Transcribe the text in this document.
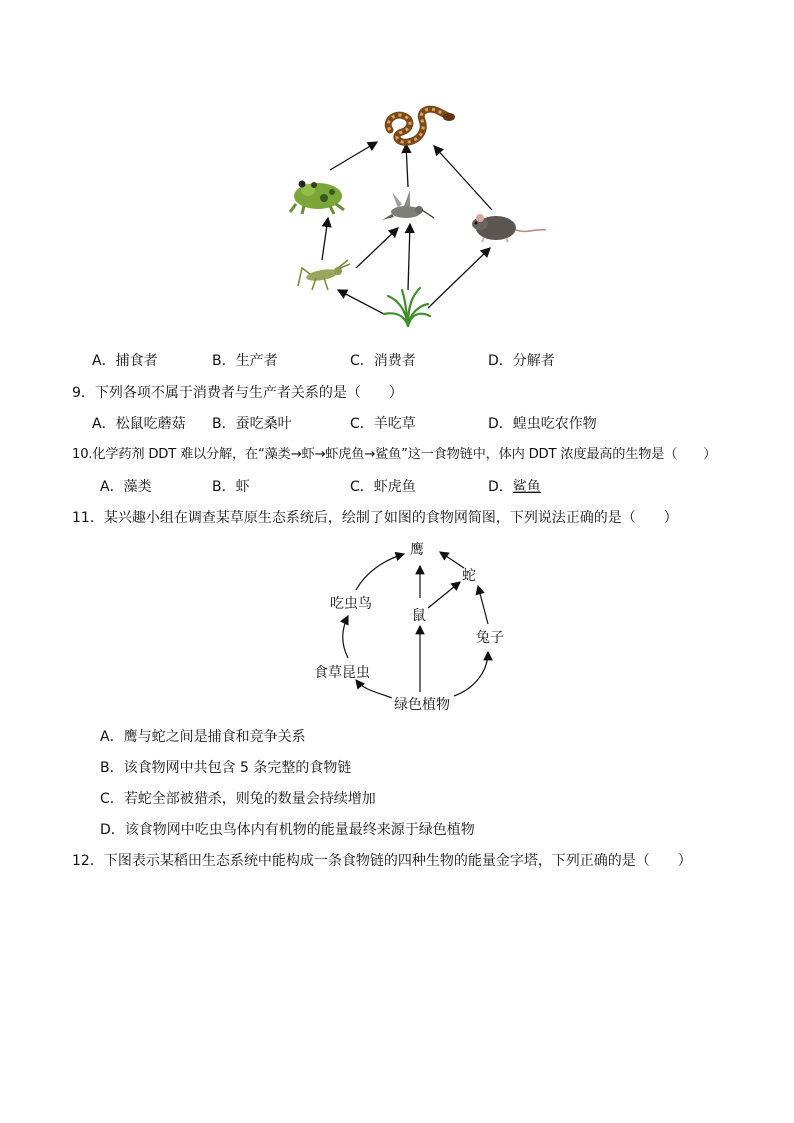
A．捕食者	B．生产者	C．消费者	D．分解者
9．下列各项不属于消费者与生产者关系的是（　　）
A．松鼠吃蘑菇 B．蚕吃桑叶	C．羊吃草	D．蝗虫吃农作物
10.化学药剂 DDT 难以分解，在“藻类→虾→虾虎鱼→鲨鱼”这一食物链中，体内 DDT 浓度最高的生物是（　　）
A．藻类	B．虾	C．虾虎鱼	D．鲨鱼
11．某兴趣小组在调查某草原生态系统后，绘制了如图的食物网简图，下列说法正确的是（　　）
鹰
蛇
吃虫鸟
鼠
兔子
食草昆虫
绿色植物
A．鹰与蛇之间是捕食和竞争关系
B．该食物网中共包含 5 条完整的食物链
C．若蛇全部被猎杀，则兔的数量会持续增加
D．该食物网中吃虫鸟体内有机物的能量最终来源于绿色植物
12．下图表示某稻田生态系统中能构成一条食物链的四种生物的能量金字塔，下列正确的是（　　）
